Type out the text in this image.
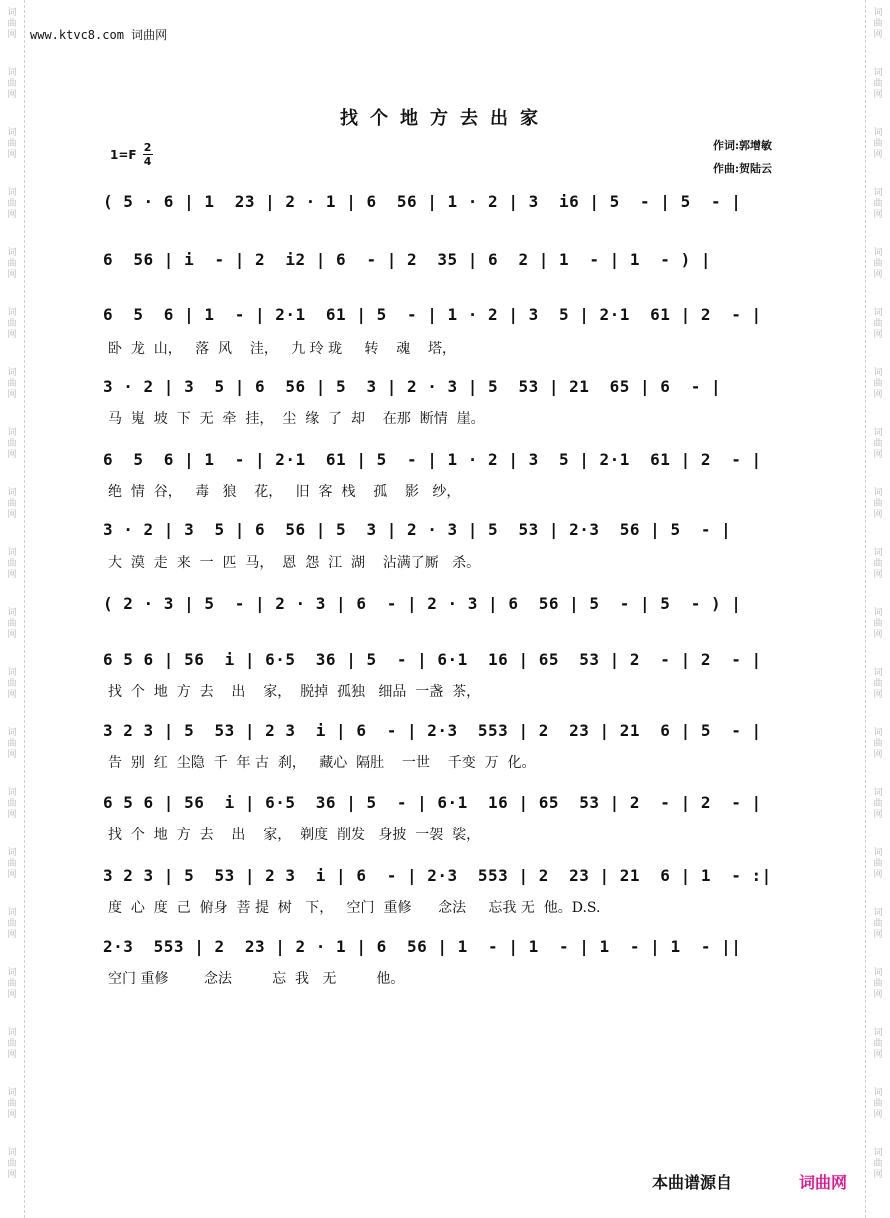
词
曲
网
词
曲
网
词
曲
网
词
曲
网
词
曲
网
词
曲
网
词
曲
网
词
曲
网
词
曲
网
词
曲
网
词
曲
网
词
曲
网
词
曲
网
词
曲
网
词
曲
网
词
曲
网
词
曲
网
词
曲
网
词
曲
网
词
曲
网
词
曲
网
词
曲
网
词
曲
网
词
曲
网
词
曲
网
词
曲
网
词
曲
网
词
曲
网
词
曲
网
词
曲
网
词
曲
网
词
曲
网
词
曲
网
词
曲
网
词
曲
网
词
曲
网
词
曲
网
词
曲
网
词
曲
网
词
曲
网
www.ktvc8.com 词曲网
找个地方去出家
1=F 2
4
作词:郭增敏
作曲:贺陆云
( 5 · 6 | 1  23 | 2 · 1 | 6  56 | 1 · 2 | 3  i6 | 5  - | 5  - |
6  56 | i  - | 2  i2 | 6  - | 2  35 | 6  2 | 1  - | 1  - ) |
6  5  6 | 1  - | 2·1  61 | 5  - | 1 · 2 | 3  5 | 2·1  61 | 2  - |
卧  龙  山，   落  风    洼，   九 玲 珑     转    魂    塔，
3 · 2 | 3  5 | 6  56 | 5  3 | 2 · 3 | 5  53 | 21  65 | 6  - |
马  嵬  坡  下  无  牵  挂，  尘  缘  了  却    在那  断情  崖。
6  5  6 | 1  - | 2·1  61 | 5  - | 1 · 2 | 3  5 | 2·1  61 | 2  - |
绝  情  谷，   毒   狼    花，   旧  客  栈    孤    影   纱，
3 · 2 | 3  5 | 6  56 | 5  3 | 2 · 3 | 5  53 | 2·3  56 | 5  - |
大  漠  走  来  一  匹  马，  恩  怨  江  湖    沾满了厮   杀。
( 2 · 3 | 5  - | 2 · 3 | 6  - | 2 · 3 | 6  56 | 5  - | 5  - ) |
6 5 6 | 56  i | 6·5  36 | 5  - | 6·1  16 | 65  53 | 2  - | 2  - |
找  个  地  方  去    出    家，  脱掉  孤独   细品  一盏  茶，
3 2 3 | 5  53 | 2 3  i | 6  - | 2·3  553 | 2  23 | 21  6 | 5  - |
告  别  红  尘隐  千  年 古  刹，   藏心  隔肚    一世    千变  万  化。
6 5 6 | 56  i | 6·5  36 | 5  - | 6·1  16 | 65  53 | 2  - | 2  - |
找  个  地  方  去    出    家，  剃度  削发   身披  一袈  裟，
3 2 3 | 5  53 | 2 3  i | 6  - | 2·3  553 | 2  23 | 21  6 | 1  - :|
度  心  度  己  俯身  菩 提  树   下，   空门  重修      念法     忘我 无  他。D.S.
2·3  553 | 2  23 | 2 · 1 | 6  56 | 1  - | 1  - | 1  - | 1  - ||
空门 重修        念法         忘  我   无         他。
本曲谱源自	词曲网
